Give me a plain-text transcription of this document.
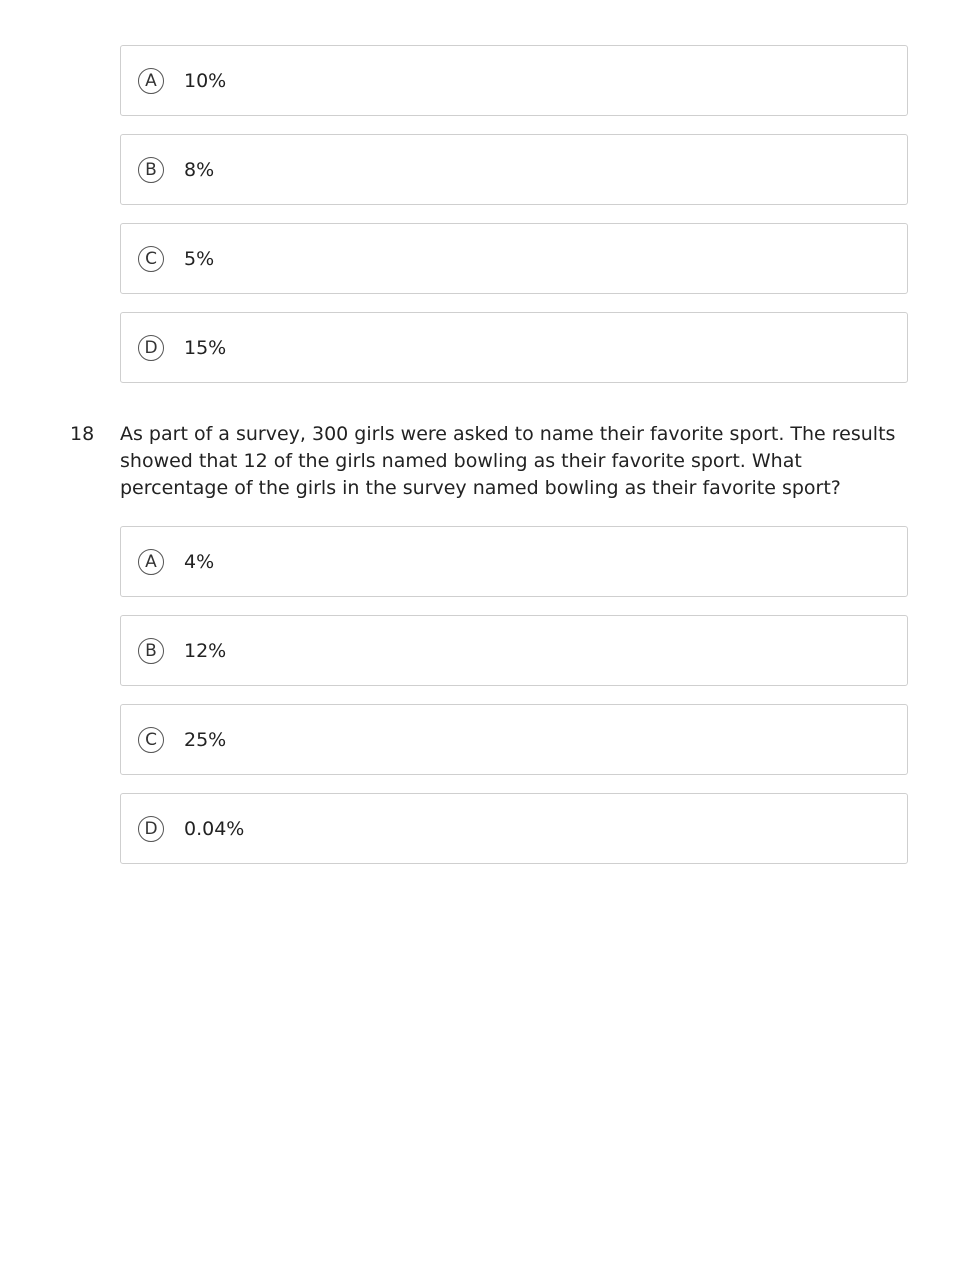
A	10%
B	8%
C	5%
D	15%
18	As part of a survey, 300 girls were asked to name their favorite sport. The results showed that 12 of the girls named bowling as their favorite sport. What percentage of the girls in the survey named bowling as their favorite sport?
A	4%
B	12%
C	25%
D	0.04%
